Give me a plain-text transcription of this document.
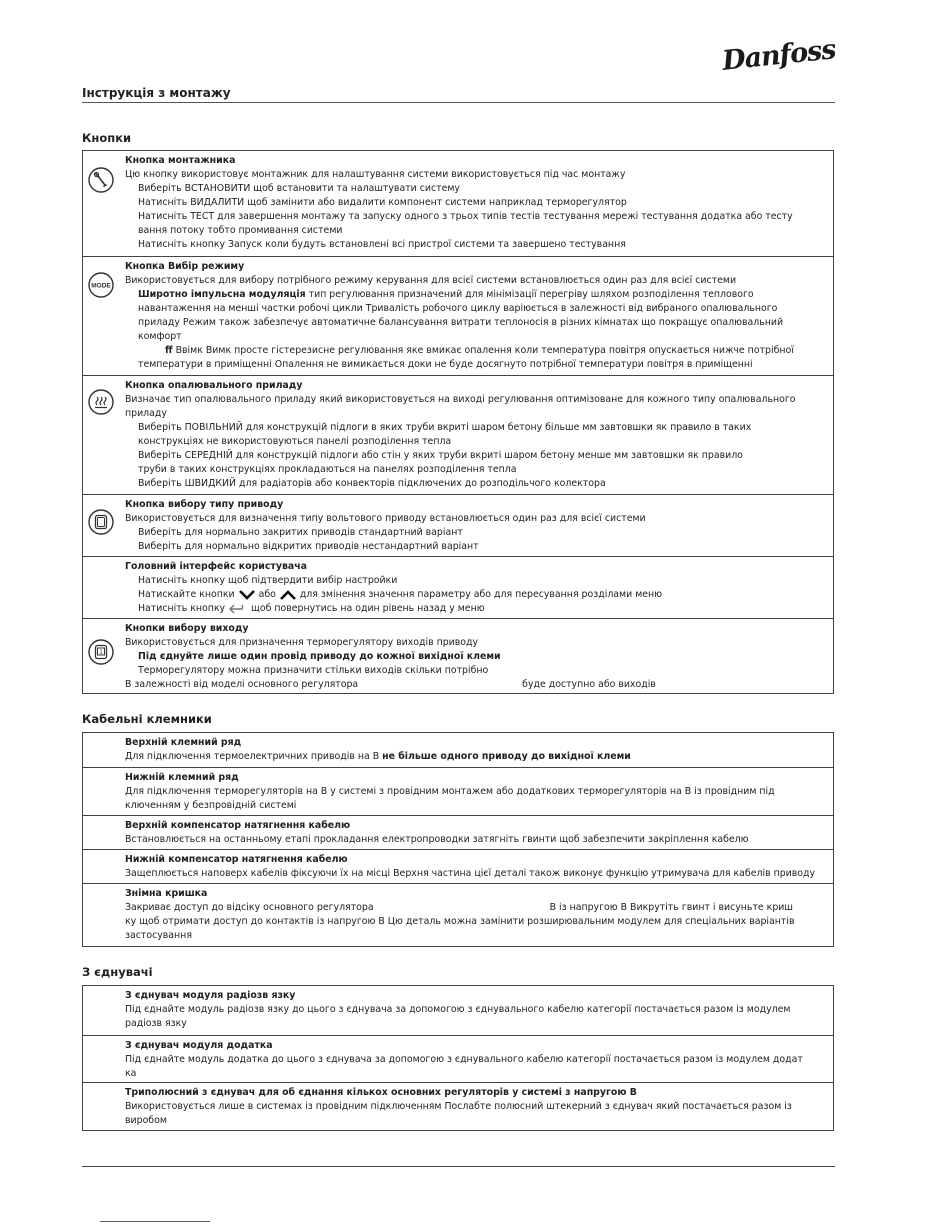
Danfoss
Інструкція з монтажу
Кнопки

Кнопка монтажника

Цю кнопку використовує монтажник для налаштування системи використовується під час монтажу

Виберіть ВСТАНОВИТИ щоб встановити та налаштувати систему

Натисніть ВИДАЛИТИ щоб замінити або видалити компонент системи наприклад терморегулятор

Натисніть ТЕСТ для завершення монтажу та запуску одного з трьох типів тестів тестування мережі тестування додатка або тесту

вання потоку тобто промивання системи

Натисніть кнопку Запуск коли будуть встановлені всі пристрої системи та завершено тестування

MODE

Кнопка Вибір режиму

Використовується для вибору потрібного режиму керування для всієї системи встановлюється один раз для всієї системи

Широтно імпульсна модуляція тип регулювання призначений для мінімізації перегріву шляхом розподілення теплового

навантаження на менші частки робочі цикли Тривалість робочого циклу варіюється в залежності від вибраного опалювального

приладу Режим також забезпечує автоматичне балансування витрати теплоносія в різних кімнатах що покращує опалювальний

комфорт

ff Ввімк Вимк просте гістерезисне регулювання яке вмикає опалення коли температура повітря опускається нижче потрібної

температури в приміщенні Опалення не вимикається доки не буде досягнуто потрібної температури повітря в приміщенні

Кнопка опалювального приладу

Визначає тип опалювального приладу який використовується на виході регулювання оптимізоване для кожного типу опалювального

приладу

Виберіть ПОВІЛЬНИЙ для конструкцій підлоги в яких труби вкриті шаром бетону більше мм завтовшки як правило в таких

конструкціях не використовуються панелі розподілення тепла

Виберіть СЕРЕДНІЙ для конструкцій підлоги або стін у яких труби вкриті шаром бетону менше мм завтовшки як правило

труби в таких конструкціях прокладаються на панелях розподілення тепла

Виберіть ШВИДКИЙ для радіаторів або конвекторів підключених до розподільчого колектора

Кнопка вибору типу приводу

Використовується для визначення типу вольтового приводу встановлюється один раз для всієї системи

Виберіть для нормально закритих приводів стандартний варіант

Виберіть для нормально відкритих приводів нестандартний варіант

Головний інтерфейс користувача

Натисніть кнопку щоб підтвердити вибір настройки

Натискайте кнопки	або	для змінення значення параметру або для пересування розділами меню

Натисніть кнопку	щоб повернутись на один рівень назад у меню

1

Кнопки вибору виходу

Використовується для призначення терморегулятору виходів приводу

Під єднуйте лише один провід приводу до кожної вихідної клеми

Терморегулятору можна призначити стільки виходів скільки потрібно

В залежності від моделі основного регулятора	буде доступно або виходів

Кабельні клемники

Верхній клемний ряд

Для підключення термоелектричних приводів на В не більше одного приводу до вихідної клеми

Нижній клемний ряд

Для підключення терморегуляторів на В у системі з провідним монтажем або додаткових терморегуляторів на В із провідним під

ключенням у безпровідній системі

Верхній компенсатор натягнення кабелю

Встановлюється на останньому етапі прокладання електропроводки затягніть гвинти щоб забезпечити закріплення кабелю

Нижній компенсатор натягнення кабелю

Защеплюється наповерх кабелів фіксуючи їх на місці Верхня частина цієї деталі також виконує функцію утримувача для кабелів приводу

Знімна кришка

Закриває доступ до відсіку основного регулятора	В із напругою В Викрутіть гвинт і висуньте криш

ку щоб отримати доступ до контактів із напругою В Цю деталь можна замінити розширювальним модулем для спеціальних варіантів

застосування

З єднувачі

З єднувач модуля радіозв язку

Під єднайте модуль радіозв язку до цього з єднувача за допомогою з єднувального кабелю категорії постачається разом із модулем

радіозв язку

З єднувач модуля додатка

Під єднайте модуль додатка до цього з єднувача за допомогою з єднувального кабелю категорії постачається разом із модулем додат

ка

Триполюсний з єднувач для об єднання кількох основних регуляторів у системі з напругою В

Використовується лише в системах із провідним підключенням Послабте полюсний штекерний з єднувач який постачається разом із

виробом
